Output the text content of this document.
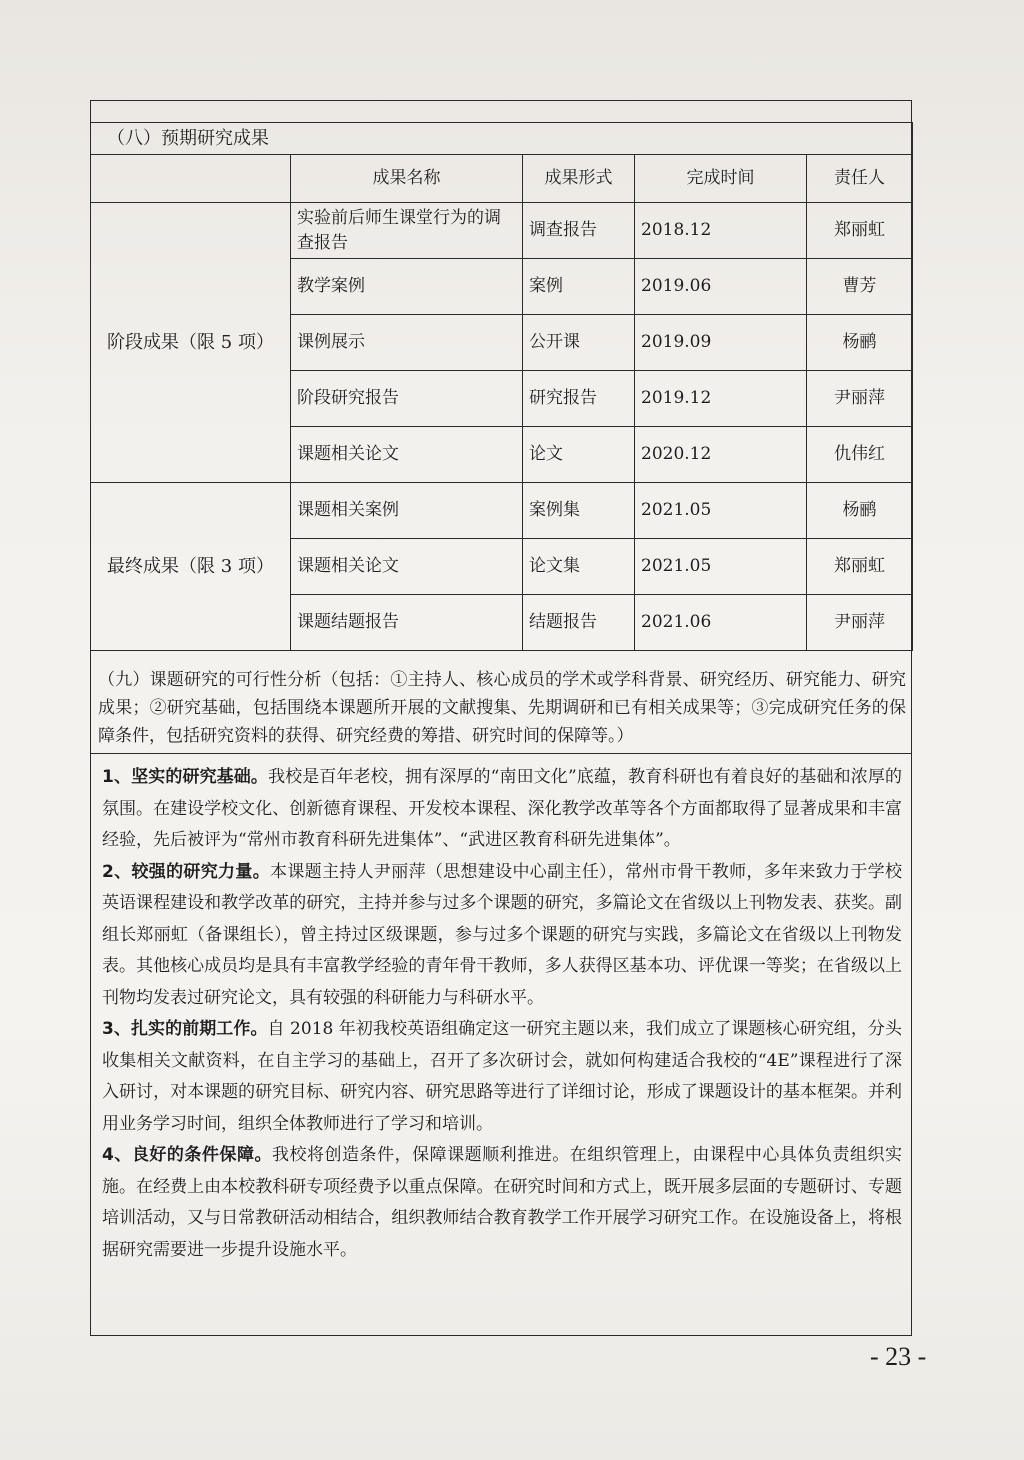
（八）预期研究成果				
	成果名称	成果形式	完成时间	责任人
阶段成果（限 5 项）	实验前后师生课堂行为的调查报告	调查报告	2018.12	郑丽虹
	教学案例	案例	2019.06	曹芳
	课例展示	公开课	2019.09	杨鹂
	阶段研究报告	研究报告	2019.12	尹丽萍
	课题相关论文	论文	2020.12	仇伟红
最终成果（限 3 项）	课题相关案例	案例集	2021.05	杨鹂
	课题相关论文	论文集	2021.05	郑丽虹
	课题结题报告	结题报告	2021.06	尹丽萍
（九）课题研究的可行性分析（包括：①主持人、核心成员的学术或学科背景、研究经历、研究能力、研究成果；②研究基础，包括围绕本课题所开展的文献搜集、先期调研和已有相关成果等；③完成研究任务的保障条件，包括研究资料的获得、研究经费的筹措、研究时间的保障等。）

1、坚实的研究基础。我校是百年老校，拥有深厚的“南田文化”底蕴，教育科研也有着良好的基础和浓厚的氛围。在建设学校文化、创新德育课程、开发校本课程、深化教学改革等各个方面都取得了显著成果和丰富经验，先后被评为“常州市教育科研先进集体”、“武进区教育科研先进集体”。

2、较强的研究力量。本课题主持人尹丽萍（思想建设中心副主任），常州市骨干教师，多年来致力于学校英语课程建设和教学改革的研究，主持并参与过多个课题的研究，多篇论文在省级以上刊物发表、获奖。副组长郑丽虹（备课组长），曾主持过区级课题，参与过多个课题的研究与实践，多篇论文在省级以上刊物发表。其他核心成员均是具有丰富教学经验的青年骨干教师，多人获得区基本功、评优课一等奖；在省级以上刊物均发表过研究论文，具有较强的科研能力与科研水平。

3、扎实的前期工作。自 2018 年初我校英语组确定这一研究主题以来，我们成立了课题核心研究组，分头收集相关文献资料，在自主学习的基础上，召开了多次研讨会，就如何构建适合我校的“4E”课程进行了深入研讨，对本课题的研究目标、研究内容、研究思路等进行了详细讨论，形成了课题设计的基本框架。并利用业务学习时间，组织全体教师进行了学习和培训。

4、良好的条件保障。我校将创造条件，保障课题顺利推进。在组织管理上，由课程中心具体负责组织实施。在经费上由本校教科研专项经费予以重点保障。在研究时间和方式上，既开展多层面的专题研讨、专题培训活动，又与日常教研活动相结合，组织教师结合教育教学工作开展学习研究工作。在设施设备上，将根据研究需要进一步提升设施水平。

- 23 -
